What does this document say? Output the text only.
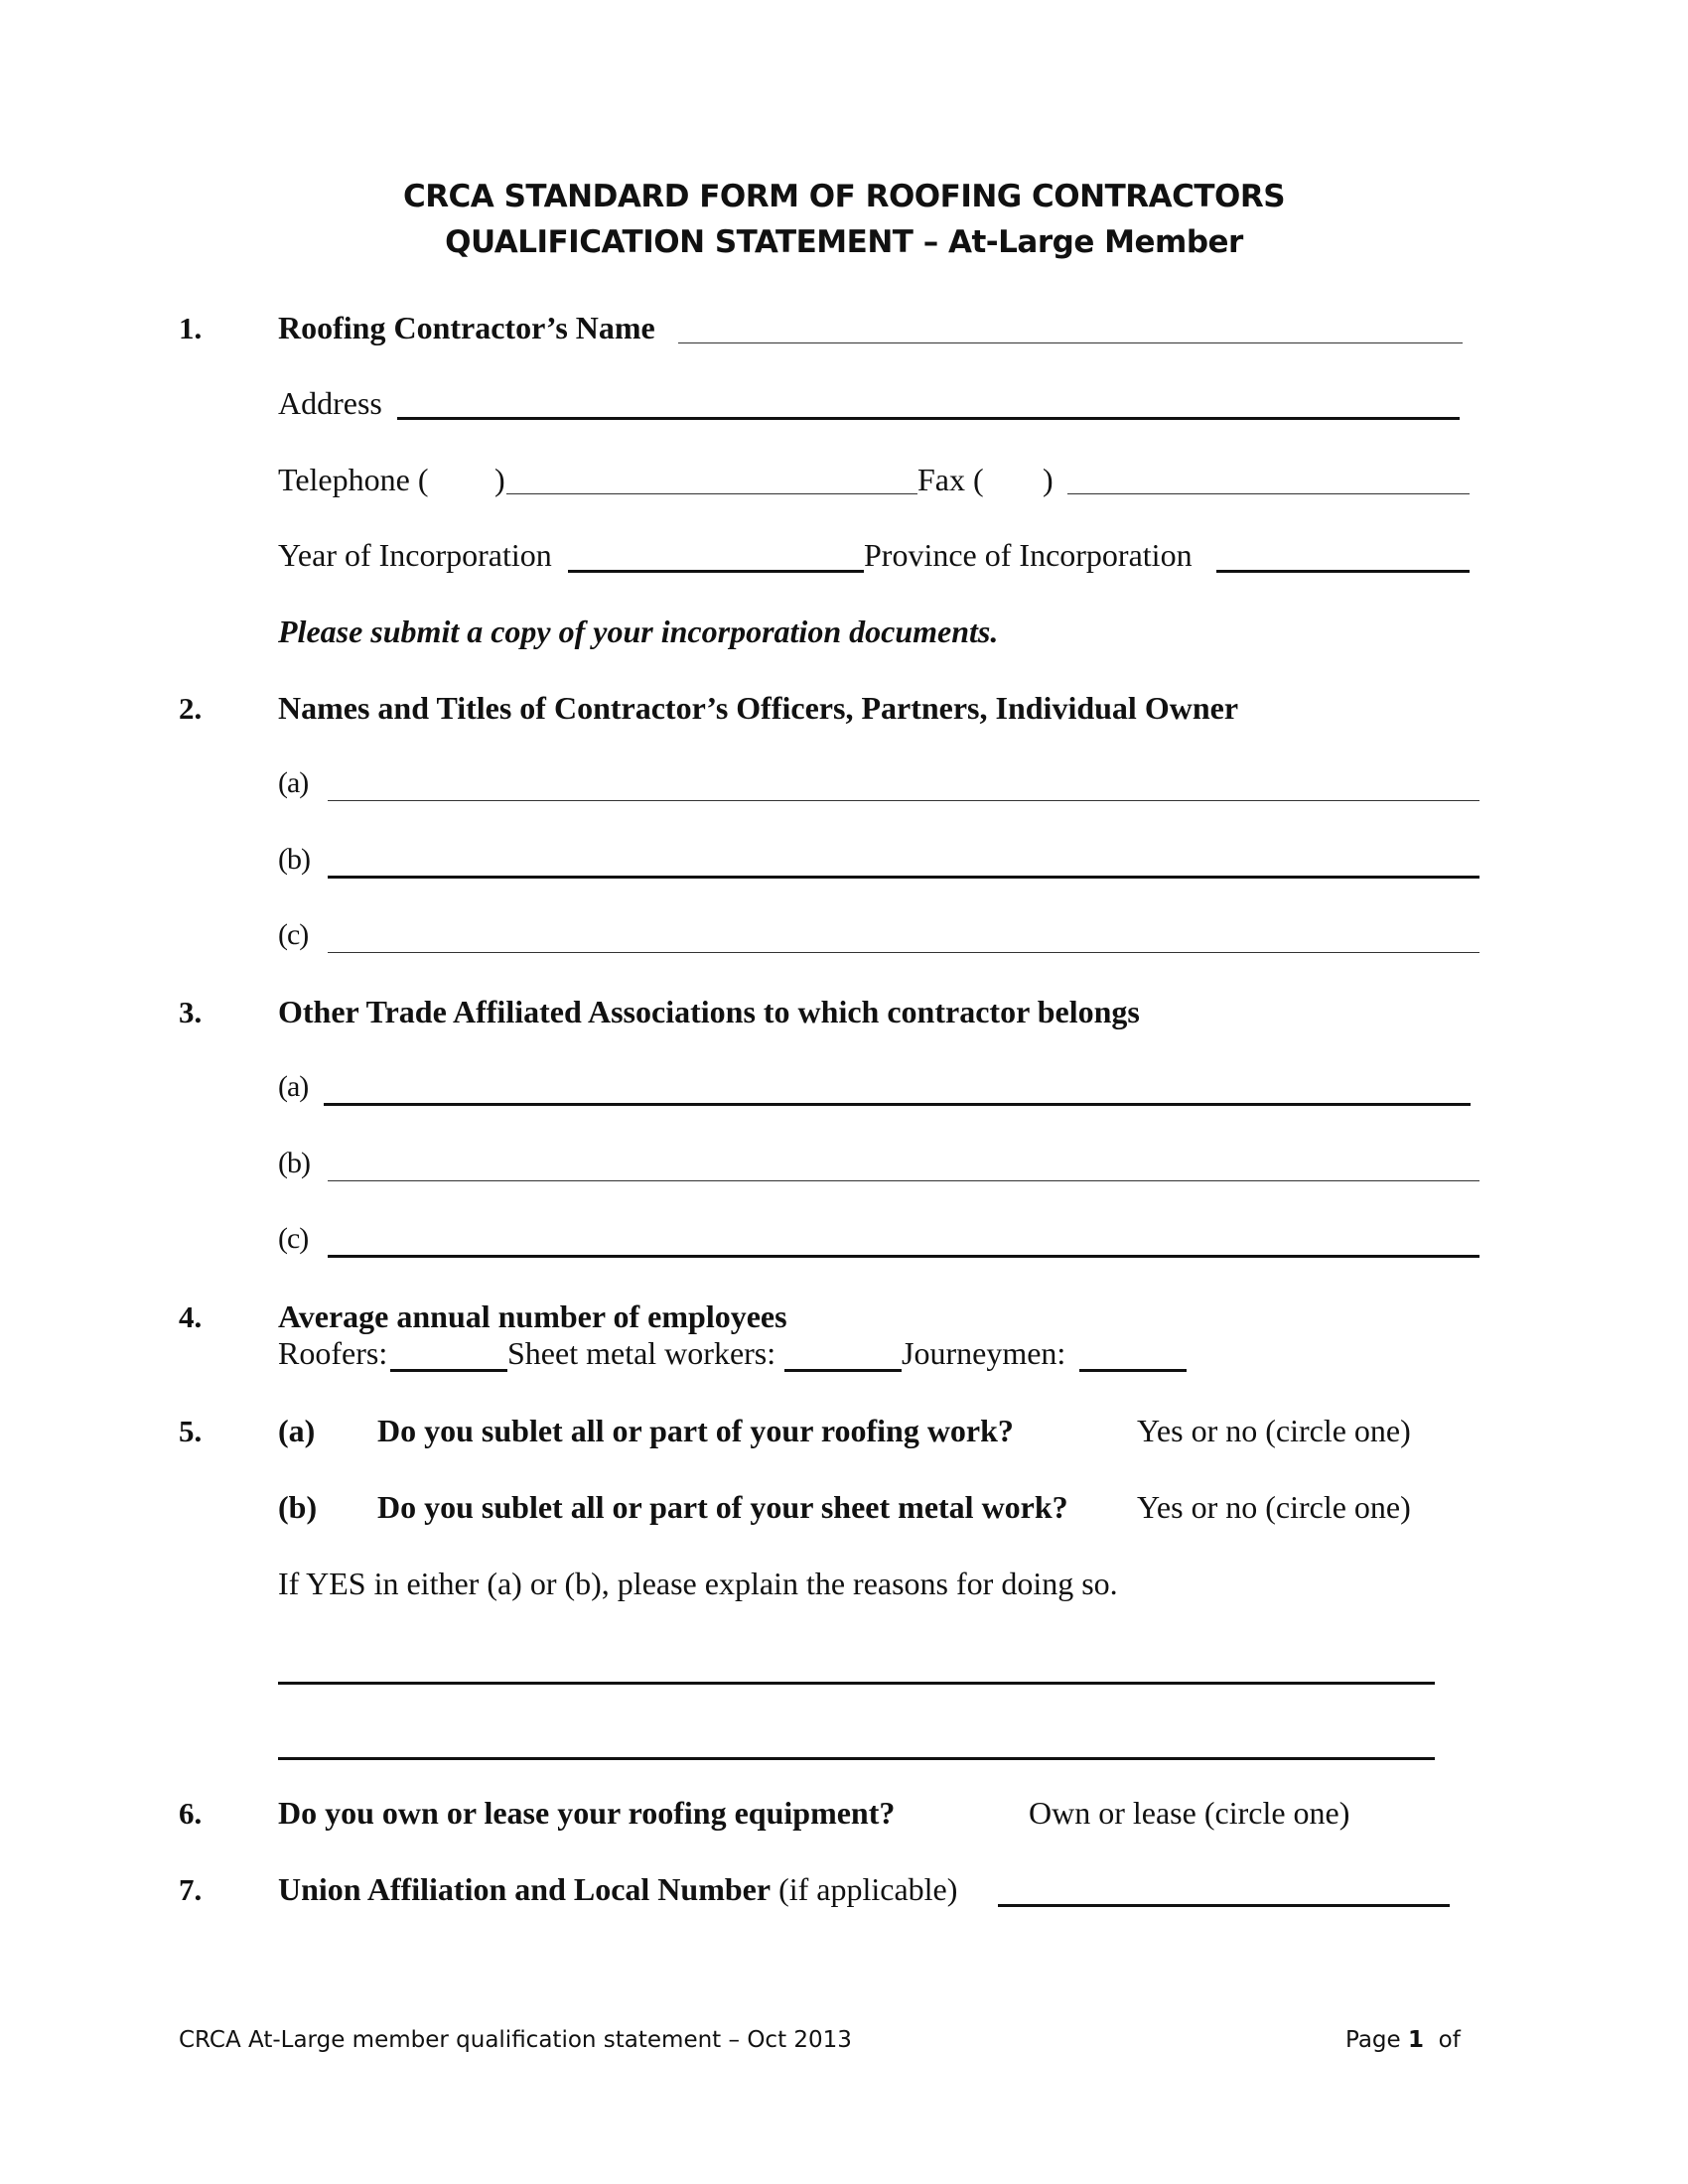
CRCA STANDARD FORM OF ROOFING CONTRACTORS
QUALIFICATION STATEMENT – At-Large Member
1. Roofing Contractor’s Name
Address
Telephone ( )	Fax ( )
Year of Incorporation	Province of Incorporation
Please submit a copy of your incorporation documents.
2. Names and Titles of Contractor’s Officers, Partners, Individual Owner
(a)
(b)
(c)
3. Other Trade Affiliated Associations to which contractor belongs
(a)
(b)
(c)
4. Average annual number of employees
Roofers:	Sheet metal workers:	Journeymen:
5. (a) Do you sublet all or part of your roofing work?	Yes or no (circle one)
(b) Do you sublet all or part of your sheet metal work? Yes or no (circle one)
If YES in either (a) or (b), please explain the reasons for doing so.
6. Do you own or lease your roofing equipment?	Own or lease (circle one)
7. Union Affiliation and Local Number (if applicable)
CRCA At-Large member qualification statement – Oct 2013	Page 1 of
